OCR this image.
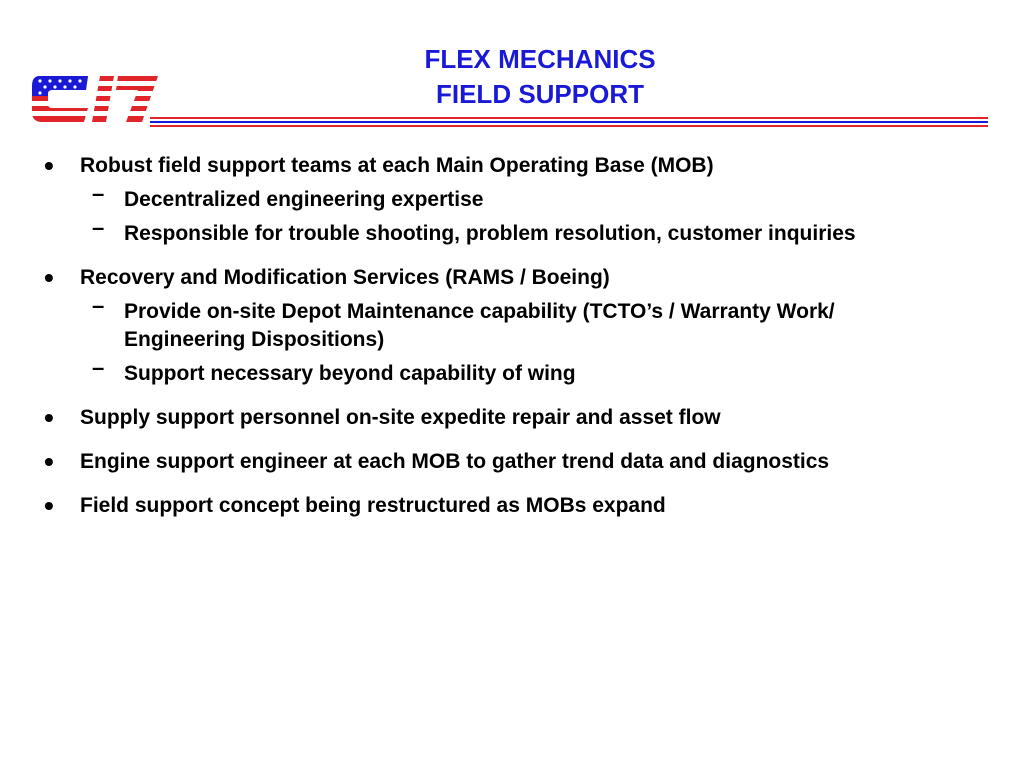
FLEX MECHANICS
FIELD SUPPORT
• Robust field support teams at each Main Operating Base (MOB)
– Decentralized engineering expertise
– Responsible for trouble shooting, problem resolution, customer inquiries
• Recovery and Modification Services (RAMS / Boeing)
– Provide on-site Depot Maintenance capability (TCTO’s / Warranty Work/ Engineering Dispositions)
– Support necessary beyond capability of wing
• Supply support personnel on-site expedite repair and asset flow
• Engine support engineer at each MOB to gather trend data and diagnostics
• Field support concept being restructured as MOBs expand
